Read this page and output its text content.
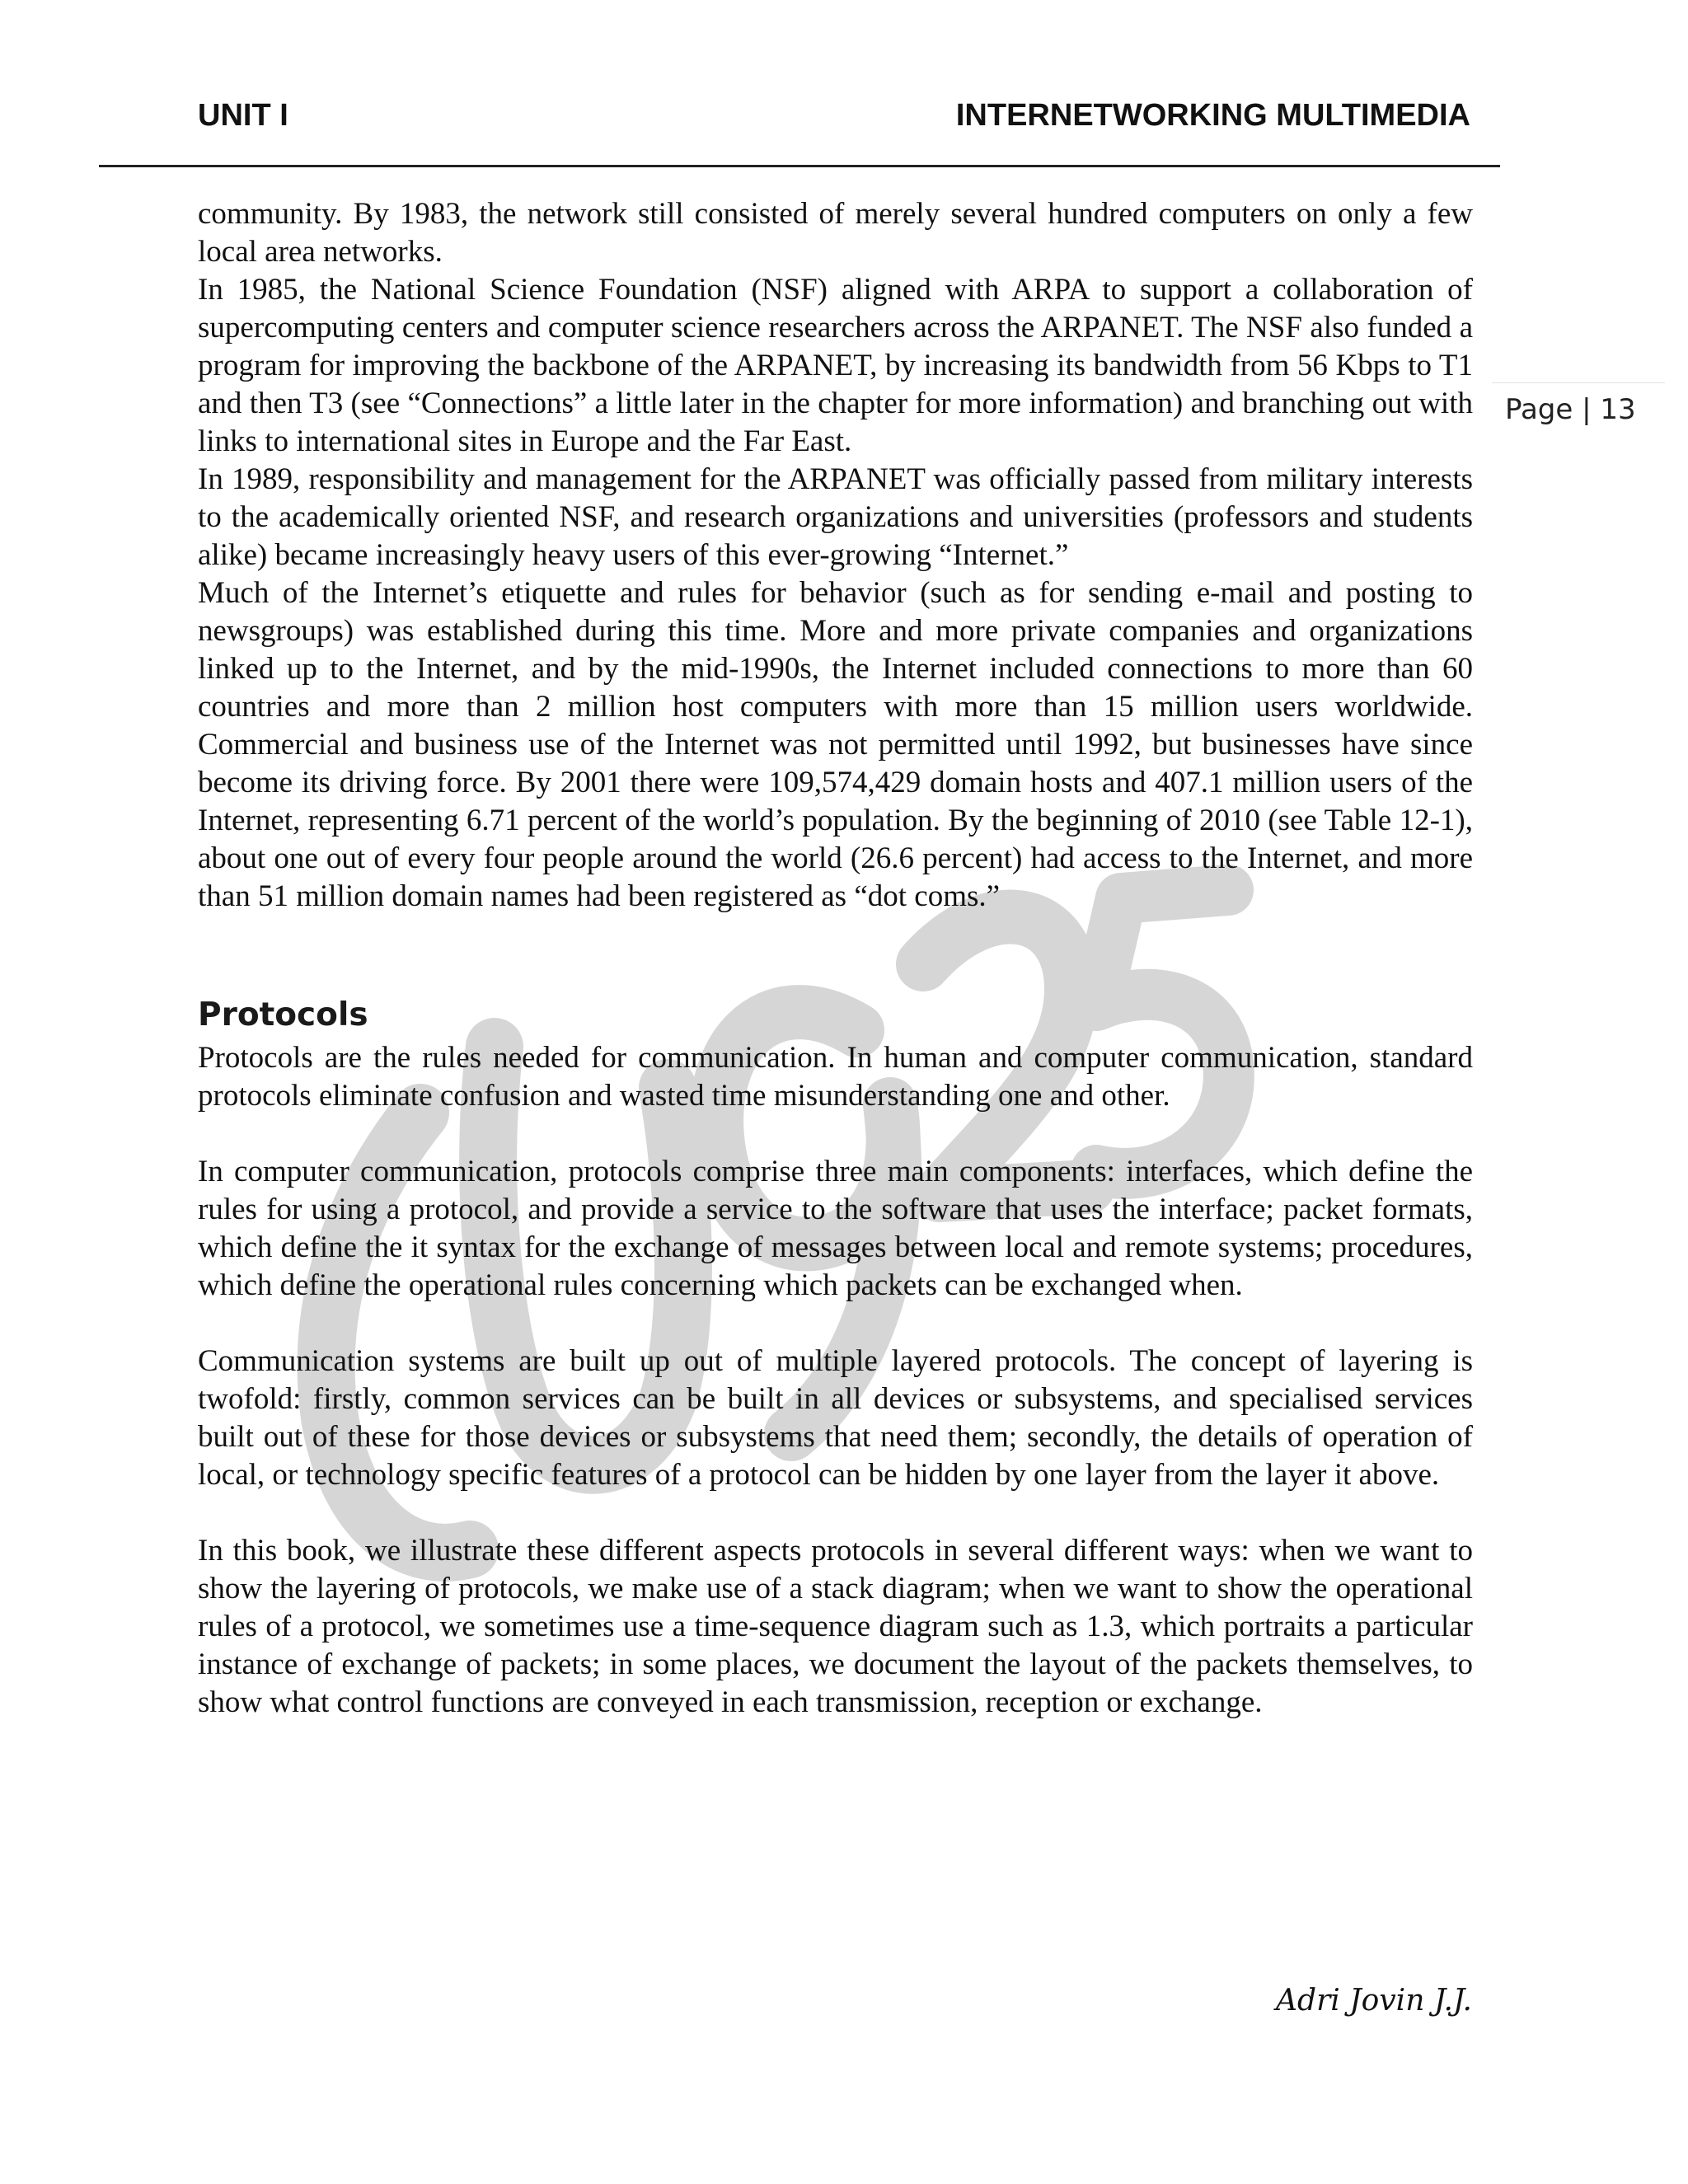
UNIT I	INTERNETWORKING MULTIMEDIA
Page | 13

community. By 1983, the network still consisted of merely several hundred computers on only a few local area networks.

In 1985, the National Science Foundation (NSF) aligned with ARPA to support a collaboration of supercomputing centers and computer science researchers across the ARPANET. The NSF also funded a program for improving the backbone of the ARPANET, by increasing its bandwidth from 56 Kbps to T1 and then T3 (see “Connections” a little later in the chapter for more information) and branching out with links to international sites in Europe and the Far East.

In 1989, responsibility and management for the ARPANET was officially passed from military interests to the academically oriented NSF, and research organizations and universities (professors and students alike) became increasingly heavy users of this ever-growing “Internet.”

Much of the Internet’s etiquette and rules for behavior (such as for sending e-mail and posting to newsgroups) was established during this time. More and more private companies and organizations linked up to the Internet, and by the mid-1990s, the Internet included connections to more than 60 countries and more than 2 million host computers with more than 15 million users worldwide. Commercial and business use of the Internet was not permitted until 1992, but businesses have since become its driving force. By 2001 there were 109,574,429 domain hosts and 407.1 million users of the Internet, representing 6.71 percent of the world’s population. By the beginning of 2010 (see Table 12-1), about one out of every four people around the world (26.6 percent) had access to the Internet, and more than 51 million domain names had been registered as “dot coms.”

Protocols

Protocols are the rules needed for communication. In human and computer communication, standard protocols eliminate confusion and wasted time misunderstanding one and other.

In computer communication, protocols comprise three main components: interfaces, which define the rules for using a protocol, and provide a service to the software that uses the interface; packet formats, which define the it syntax for the exchange of messages between local and remote systems; procedures, which define the operational rules concerning which packets can be exchanged when.

Communication systems are built up out of multiple layered protocols. The concept of layering is twofold: firstly, common services can be built in all devices or subsystems, and specialised services built out of these for those devices or subsystems that need them; secondly, the details of operation of local, or technology specific features of a protocol can be hidden by one layer from the layer it above.

In this book, we illustrate these different aspects protocols in several different ways: when we want to show the layering of protocols, we make use of a stack diagram; when we want to show the operational rules of a protocol, we sometimes use a time-sequence diagram such as 1.3, which portraits a particular instance of exchange of packets; in some places, we document the layout of the packets themselves, to show what control functions are conveyed in each transmission, reception or exchange.

Adri Jovin J.J.
